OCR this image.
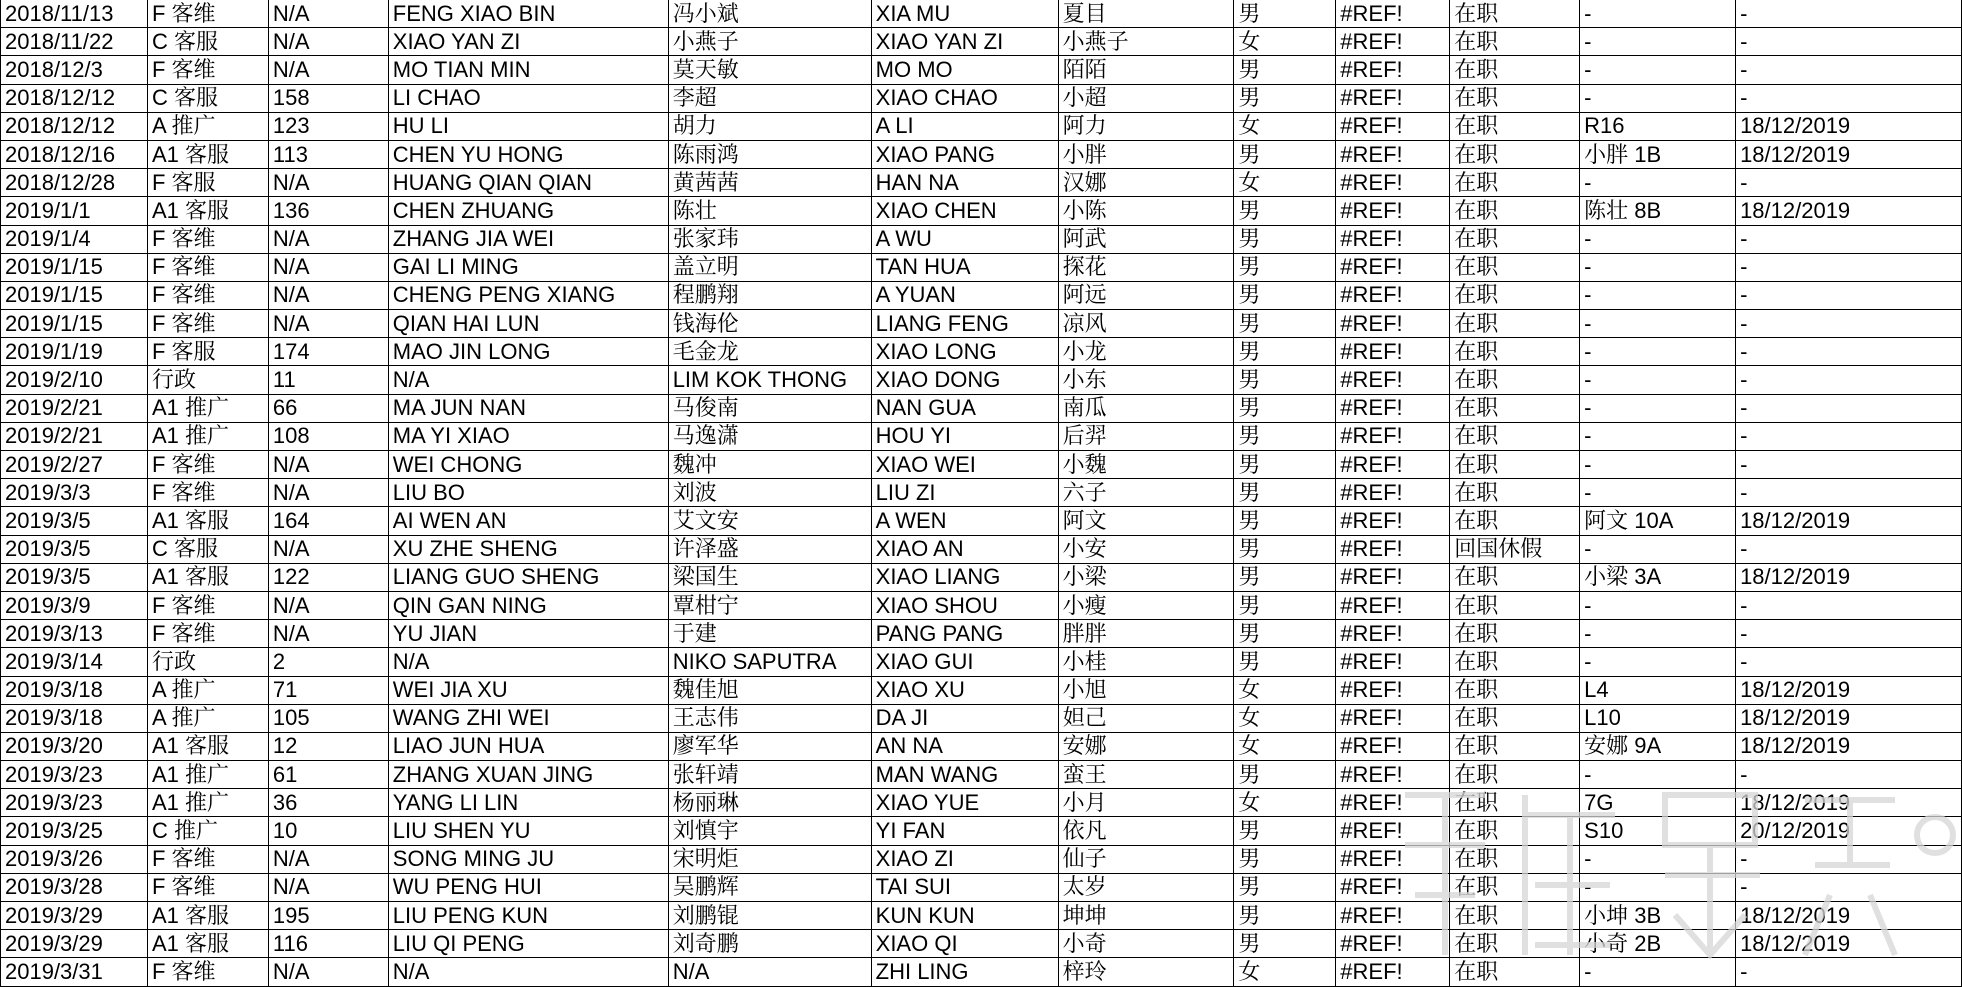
2018/11/13	F 客维	N/A	FENG XIAO BIN	冯小斌	XIA MU	夏目	男	#REF!	在职	-	-
2018/11/22	C 客服	N/A	XIAO YAN ZI	小燕子	XIAO YAN ZI	小燕子	女	#REF!	在职	-	-
2018/12/3	F 客维	N/A	MO TIAN MIN	莫天敏	MO MO	陌陌	男	#REF!	在职	-	-
2018/12/12	C 客服	158	LI CHAO	李超	XIAO CHAO	小超	男	#REF!	在职	-	-
2018/12/12	A 推广	123	HU LI	胡力	A LI	阿力	女	#REF!	在职	R16	18/12/2019
2018/12/16	A1 客服	113	CHEN YU HONG	陈雨鸿	XIAO PANG	小胖	男	#REF!	在职	小胖 1B	18/12/2019
2018/12/28	F 客服	N/A	HUANG QIAN QIAN	黄茜茜	HAN NA	汉娜	女	#REF!	在职	-	-
2019/1/1	A1 客服	136	CHEN ZHUANG	陈壮	XIAO CHEN	小陈	男	#REF!	在职	陈壮 8B	18/12/2019
2019/1/4	F 客维	N/A	ZHANG JIA WEI	张家玮	A WU	阿武	男	#REF!	在职	-	-
2019/1/15	F 客维	N/A	GAI LI MING	盖立明	TAN HUA	探花	男	#REF!	在职	-	-
2019/1/15	F 客维	N/A	CHENG PENG XIANG	程鹏翔	A YUAN	阿远	男	#REF!	在职	-	-
2019/1/15	F 客维	N/A	QIAN HAI LUN	钱海伦	LIANG FENG	凉风	男	#REF!	在职	-	-
2019/1/19	F 客服	174	MAO JIN LONG	毛金龙	XIAO LONG	小龙	男	#REF!	在职	-	-
2019/2/10	行政	11	N/A	LIM KOK THONG	XIAO DONG	小东	男	#REF!	在职	-	-
2019/2/21	A1 推广	66	MA JUN NAN	马俊南	NAN GUA	南瓜	男	#REF!	在职	-	-
2019/2/21	A1 推广	108	MA YI XIAO	马逸潇	HOU YI	后羿	男	#REF!	在职	-	-
2019/2/27	F 客维	N/A	WEI CHONG	魏冲	XIAO WEI	小魏	男	#REF!	在职	-	-
2019/3/3	F 客维	N/A	LIU BO	刘波	LIU ZI	六子	男	#REF!	在职	-	-
2019/3/5	A1 客服	164	AI WEN AN	艾文安	A WEN	阿文	男	#REF!	在职	阿文 10A	18/12/2019
2019/3/5	C 客服	N/A	XU ZHE SHENG	许泽盛	XIAO AN	小安	男	#REF!	回国休假	-	-
2019/3/5	A1 客服	122	LIANG GUO SHENG	梁国生	XIAO LIANG	小梁	男	#REF!	在职	小梁 3A	18/12/2019
2019/3/9	F 客维	N/A	QIN GAN NING	覃柑宁	XIAO SHOU	小瘦	男	#REF!	在职	-	-
2019/3/13	F 客维	N/A	YU JIAN	于建	PANG PANG	胖胖	男	#REF!	在职	-	-
2019/3/14	行政	2	N/A	NIKO SAPUTRA	XIAO GUI	小桂	男	#REF!	在职	-	-
2019/3/18	A 推广	71	WEI JIA XU	魏佳旭	XIAO XU	小旭	女	#REF!	在职	L4	18/12/2019
2019/3/18	A 推广	105	WANG ZHI WEI	王志伟	DA JI	妲己	女	#REF!	在职	L10	18/12/2019
2019/3/20	A1 客服	12	LIAO JUN HUA	廖军华	AN NA	安娜	女	#REF!	在职	安娜 9A	18/12/2019
2019/3/23	A1 推广	61	ZHANG XUAN JING	张轩靖	MAN WANG	蛮王	男	#REF!	在职	-	-
2019/3/23	A1 推广	36	YANG LI LIN	杨丽琳	XIAO YUE	小月	女	#REF!	在职	7G	18/12/2019
2019/3/25	C 推广	10	LIU SHEN YU	刘慎宇	YI FAN	依凡	男	#REF!	在职	S10	20/12/2019
2019/3/26	F 客维	N/A	SONG MING JU	宋明炬	XIAO ZI	仙子	男	#REF!	在职	-	-
2019/3/28	F 客维	N/A	WU PENG HUI	吴鹏辉	TAI SUI	太岁	男	#REF!	在职	-	-
2019/3/29	A1 客服	195	LIU PENG KUN	刘鹏锟	KUN KUN	坤坤	男	#REF!	在职	小坤 3B	18/12/2019
2019/3/29	A1 客服	116	LIU QI PENG	刘奇鹏	XIAO QI	小奇	男	#REF!	在职	小奇 2B	18/12/2019
2019/3/31	F 客维	N/A	N/A	N/A	ZHI LING	梓玲	女	#REF!	在职	-	-
